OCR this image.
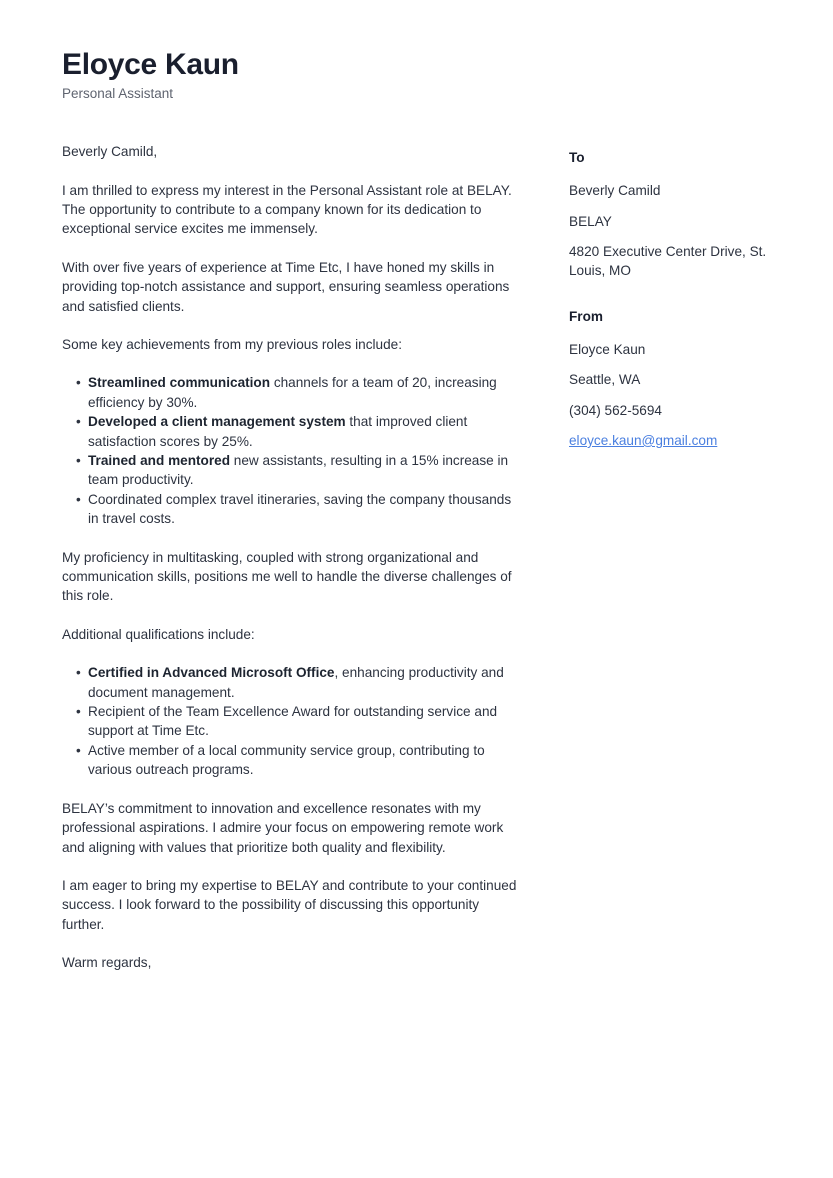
Eloyce Kaun
Personal Assistant

Beverly Camild,

I am thrilled to express my interest in the Personal Assistant role at BELAY. The opportunity to contribute to a company known for its dedication to exceptional service excites me immensely.

With over five years of experience at Time Etc, I have honed my skills in providing top-notch assistance and support, ensuring seamless operations and satisfied clients.

Some key achievements from my previous roles include:

• Streamlined communication channels for a team of 20, increasing efficiency by 30%.
• Developed a client management system that improved client satisfaction scores by 25%.
• Trained and mentored new assistants, resulting in a 15% increase in team productivity.
• Coordinated complex travel itineraries, saving the company thousands in travel costs.

My proficiency in multitasking, coupled with strong organizational and communication skills, positions me well to handle the diverse challenges of this role.

Additional qualifications include:

• Certified in Advanced Microsoft Office, enhancing productivity and document management.
• Recipient of the Team Excellence Award for outstanding service and support at Time Etc.
• Active member of a local community service group, contributing to various outreach programs.

BELAY’s commitment to innovation and excellence resonates with my professional aspirations. I admire your focus on empowering remote work and aligning with values that prioritize both quality and flexibility.

I am eager to bring my expertise to BELAY and contribute to your continued success. I look forward to the possibility of discussing this opportunity further.

Warm regards,

To
Beverly Camild
BELAY
4820 Executive Center Drive, St. Louis, MO
From
Eloyce Kaun
Seattle, WA
(304) 562-5694
eloyce.kaun@gmail.com
